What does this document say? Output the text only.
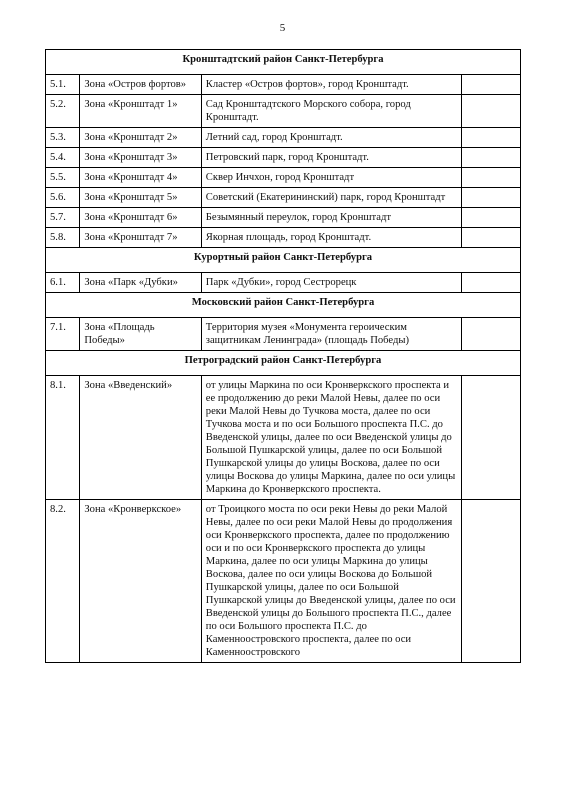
5
Кронштадтский район Санкт-Петербурга			
5.1.	Зона «Остров фортов»	Кластер «Остров фортов», город Кронштадт.	
5.2.	Зона «Кронштадт 1»	Сад Кронштадтского Морского собора, город Кронштадт.	
5.3.	Зона «Кронштадт 2»	Летний сад, город Кронштадт.	
5.4.	Зона «Кронштадт 3»	Петровский парк, город Кронштадт.	
5.5.	Зона «Кронштадт 4»	Сквер Инчхон, город Кронштадт	
5.6.	Зона «Кронштадт 5»	Советский (Екатерининский) парк, город Кронштадт	
5.7.	Зона «Кронштадт 6»	Безымянный переулок, город Кронштадт	
5.8.	Зона «Кронштадт 7»	Якорная площадь, город Кронштадт.	
Курортный район Санкт-Петербурга			
6.1.	Зона «Парк «Дубки»	Парк «Дубки», город Сестрорецк	
Московский район Санкт-Петербурга			
7.1.	Зона «Площадь Победы»	Территория музея «Монумента героическим защитникам Ленинграда» (площадь Победы)	
Петроградский район Санкт-Петербурга			
8.1.	Зона «Введенский»	от улицы Маркина по оси Кронверкского проспекта и ее продолжению до реки Малой Невы, далее по оси реки Малой Невы до Тучкова моста, далее по оси Тучкова моста и по оси Большого проспекта П.С. до Введенской улицы, далее по оси Введенской улицы до Большой Пушкарской улицы, далее по оси Большой Пушкарской улицы до улицы Воскова, далее по оси улицы Воскова до улицы Маркина, далее по оси улицы Маркина до Кронверкского проспекта.	
8.2.	Зона «Кронверкское»	от Троицкого моста по оси реки Невы до реки Малой Невы, далее по оси реки Малой Невы до продолжения оси Кронверкского проспекта, далее по продолжению оси и по оси Кронверкского проспекта до улицы Маркина, далее по оси улицы Маркина до улицы Воскова, далее по оси улицы Воскова до Большой Пушкарской улицы, далее по оси Большой Пушкарской улицы до Введенской улицы, далее по оси Введенской улицы до Большого проспекта П.С., далее по оси Большого проспекта П.С. до Каменноостровского проспекта, далее по оси Каменноостровского	
